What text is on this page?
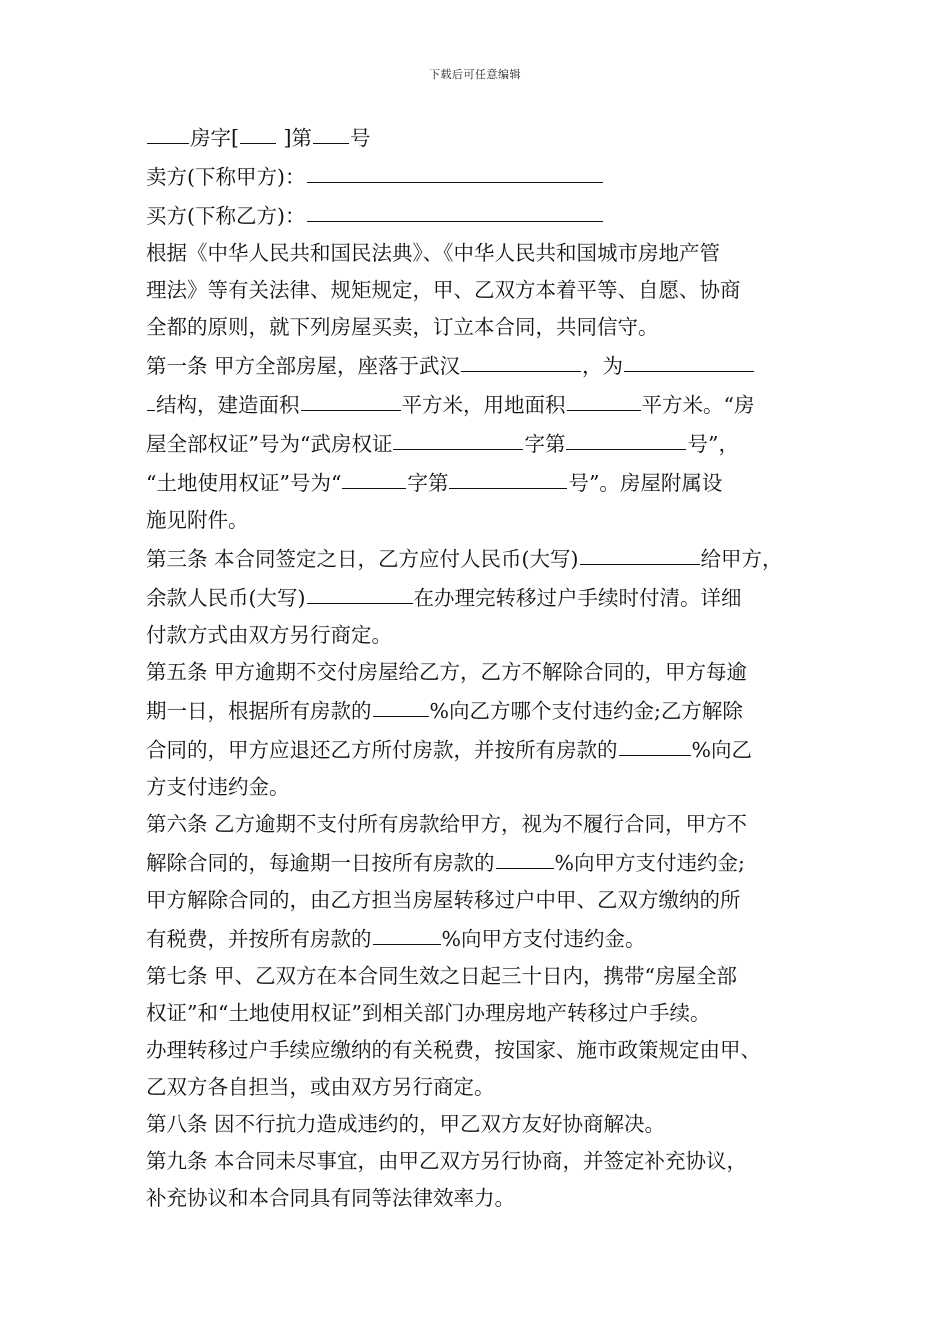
下载后可任意编辑

房字[ ]第 号

卖方(下称甲方)：

买方(下称乙方)：

根据《中华人民共和国民法典》、《中华人民共和国城市房地产管

理法》等有关法律、规矩规定，甲、乙双方本着平等、自愿、协商

全都的原则，就下列房屋买卖，订立本合同，共同信守。

第一条 甲方全部房屋，座落于武汉	，为

结构，建造面积	平方米，用地面积	平方米。“房

屋全部权证”号为“武房权证	字第	号”，

“土地使用权证”号为“	字第	号”。房屋附属设

施见附件。

第三条 本合同签定之日，乙方应付人民币(大写)	给甲方，

余款人民币(大写)	在办理完转移过户手续时付清。详细

付款方式由双方另行商定。

第五条 甲方逾期不交付房屋给乙方，乙方不解除合同的，甲方每逾

期一日，根据所有房款的	%向乙方哪个支付违约金;乙方解除

合同的，甲方应退还乙方所付房款，并按所有房款的	%向乙

方支付违约金。

第六条 乙方逾期不支付所有房款给甲方，视为不履行合同，甲方不

解除合同的，每逾期一日按所有房款的	%向甲方支付违约金;

甲方解除合同的，由乙方担当房屋转移过户中甲、乙双方缴纳的所

有税费，并按所有房款的	%向甲方支付违约金。

第七条 甲、乙双方在本合同生效之日起三十日内，携带“房屋全部

权证”和“土地使用权证”到相关部门办理房地产转移过户手续。

办理转移过户手续应缴纳的有关税费，按国家、施市政策规定由甲、

乙双方各自担当，或由双方另行商定。

第八条 因不行抗力造成违约的，甲乙双方友好协商解决。

第九条 本合同未尽事宜，由甲乙双方另行协商，并签定补充协议，

补充协议和本合同具有同等法律效率力。
